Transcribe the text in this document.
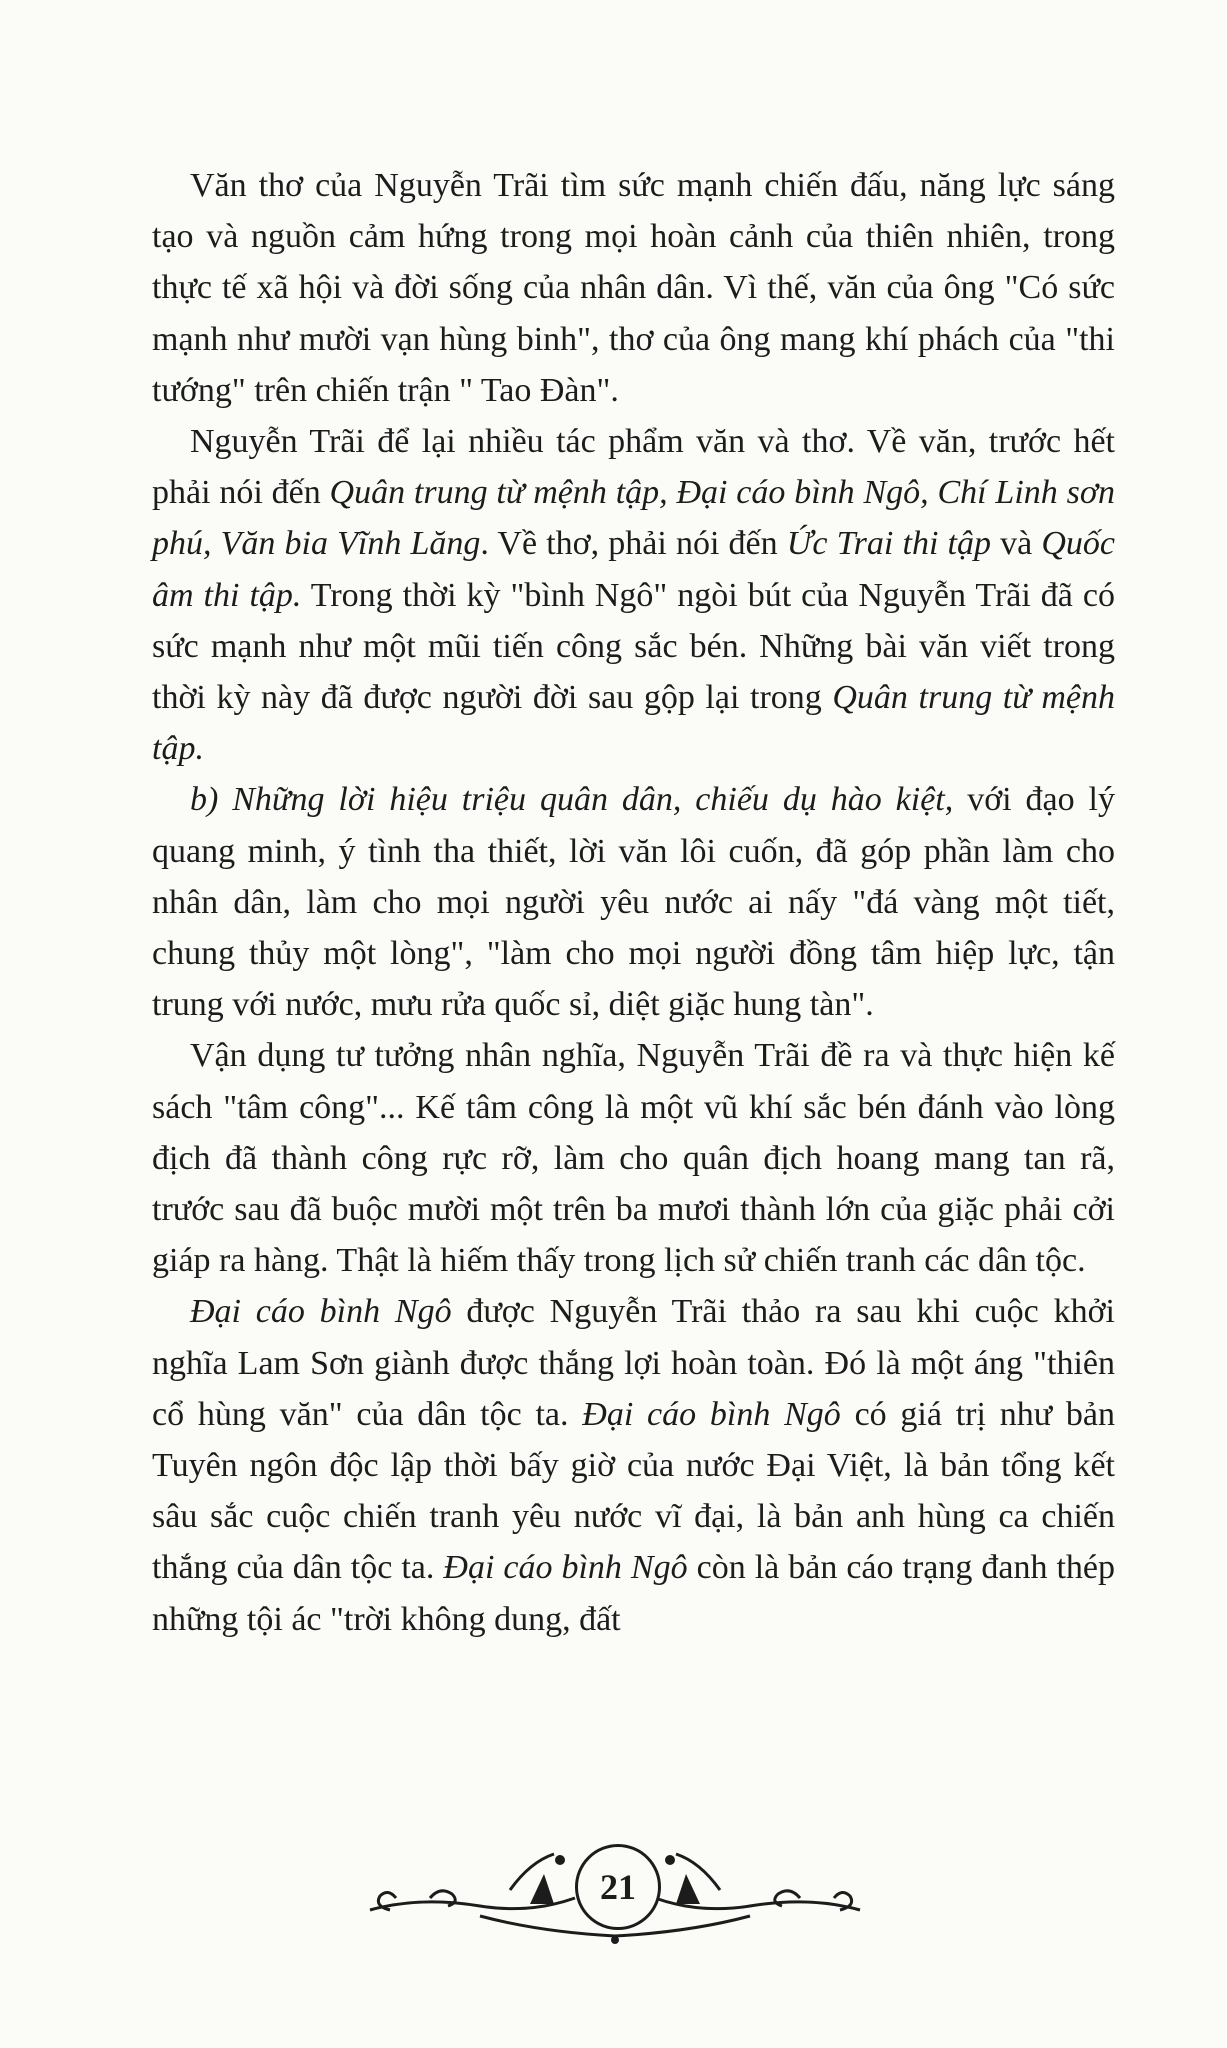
Văn thơ của Nguyễn Trãi tìm sức mạnh chiến đấu, năng lực sáng tạo và nguồn cảm hứng trong mọi hoàn cảnh của thiên nhiên, trong thực tế xã hội và đời sống của nhân dân. Vì thế, văn của ông "Có sức mạnh như mười vạn hùng binh", thơ của ông mang khí phách của "thi tướng" trên chiến trận " Tao Đàn".

Nguyễn Trãi để lại nhiều tác phẩm văn và thơ. Về văn, trước hết phải nói đến Quân trung từ mệnh tập, Đại cáo bình Ngô, Chí Linh sơn phú, Văn bia Vĩnh Lăng. Về thơ, phải nói đến Ức Trai thi tập và Quốc âm thi tập. Trong thời kỳ "bình Ngô" ngòi bút của Nguyễn Trãi đã có sức mạnh như một mũi tiến công sắc bén. Những bài văn viết trong thời kỳ này đã được người đời sau gộp lại trong Quân trung từ mệnh tập.

b) Những lời hiệu triệu quân dân, chiếu dụ hào kiệt, với đạo lý quang minh, ý tình tha thiết, lời văn lôi cuốn, đã góp phần làm cho nhân dân, làm cho mọi người yêu nước ai nấy "đá vàng một tiết, chung thủy một lòng", "làm cho mọi người đồng tâm hiệp lực, tận trung với nước, mưu rửa quốc sỉ, diệt giặc hung tàn".

Vận dụng tư tưởng nhân nghĩa, Nguyễn Trãi đề ra và thực hiện kế sách "tâm công"... Kế tâm công là một vũ khí sắc bén đánh vào lòng địch đã thành công rực rỡ, làm cho quân địch hoang mang tan rã, trước sau đã buộc mười một trên ba mươi thành lớn của giặc phải cởi giáp ra hàng. Thật là hiếm thấy trong lịch sử chiến tranh các dân tộc.

Đại cáo bình Ngô được Nguyễn Trãi thảo ra sau khi cuộc khởi nghĩa Lam Sơn giành được thắng lợi hoàn toàn. Đó là một áng "thiên cổ hùng văn" của dân tộc ta. Đại cáo bình Ngô có giá trị như bản Tuyên ngôn độc lập thời bấy giờ của nước Đại Việt, là bản tổng kết sâu sắc cuộc chiến tranh yêu nước vĩ đại, là bản anh hùng ca chiến thắng của dân tộc ta. Đại cáo bình Ngô còn là bản cáo trạng đanh thép những tội ác "trời không dung, đất

21
